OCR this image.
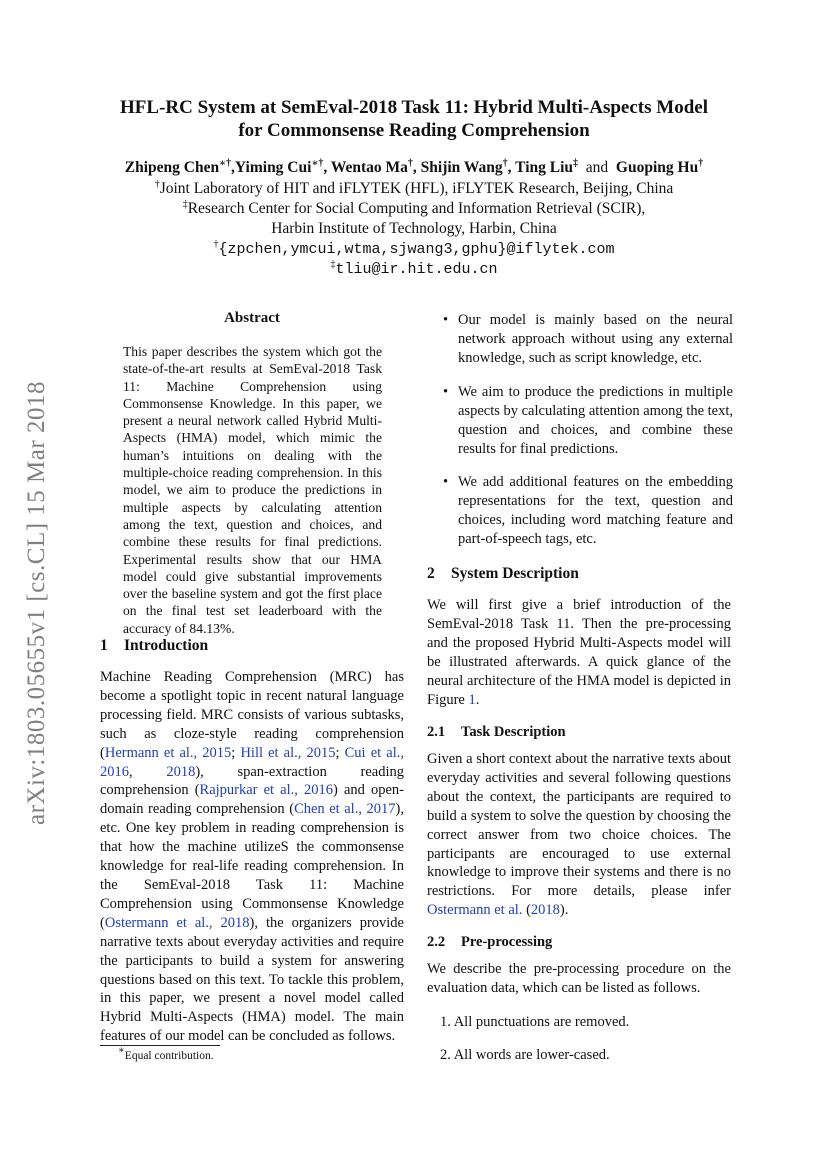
arXiv:1803.05655v1 [cs.CL] 15 Mar 2018
HFL-RC System at SemEval-2018 Task 11: Hybrid Multi-Aspects Model
for Commonsense Reading Comprehension
Zhipeng Chen∗†,Yiming Cui∗†, Wentao Ma†, Shijin Wang†, Ting Liu‡ and Guoping Hu†
†Joint Laboratory of HIT and iFLYTEK (HFL), iFLYTEK Research, Beijing, China
‡Research Center for Social Computing and Information Retrieval (SCIR),
Harbin Institute of Technology, Harbin, China
†{zpchen,ymcui,wtma,sjwang3,gphu}@iflytek.com
‡tliu@ir.hit.edu.cn
Abstract
This paper describes the system which got the state-of-the-art results at SemEval-2018 Task 11: Machine Comprehension using Commonsense Knowledge. In this paper, we present a neural network called Hybrid Multi-Aspects (HMA) model, which mimic the human’s intuitions on dealing with the multiple-choice reading comprehension. In this model, we aim to produce the predictions in multiple aspects by calculating attention among the text, question and choices, and combine these results for final predictions. Experimental results show that our HMA model could give substantial improvements over the baseline system and got the first place on the final test set leaderboard with the accuracy of 84.13%.
1 Introduction
Machine Reading Comprehension (MRC) has become a spotlight topic in recent natural language processing field. MRC consists of various subtasks, such as cloze-style reading comprehension (Hermann et al., 2015; Hill et al., 2015; Cui et al., 2016, 2018), span-extraction reading comprehension (Rajpurkar et al., 2016) and open-domain reading comprehension (Chen et al., 2017), etc. One key problem in reading comprehension is that how the machine utilizeS the commonsense knowledge for real-life reading comprehension. In the SemEval-2018 Task 11: Machine Comprehension using Commonsense Knowledge (Ostermann et al., 2018), the organizers provide narrative texts about everyday activities and require the participants to build a system for answering questions based on this text. To tackle this problem, in this paper, we present a novel model called Hybrid Multi-Aspects (HMA) model. The main features of our model can be concluded as follows.
∗Equal contribution.
• Our model is mainly based on the neural network approach without using any external knowledge, such as script knowledge, etc.
• We aim to produce the predictions in multiple aspects by calculating attention among the text, question and choices, and combine these results for final predictions.
• We add additional features on the embedding representations for the text, question and choices, including word matching feature and part-of-speech tags, etc.
2 System Description
We will first give a brief introduction of the SemEval-2018 Task 11. Then the pre-processing and the proposed Hybrid Multi-Aspects model will be illustrated afterwards. A quick glance of the neural architecture of the HMA model is depicted in Figure 1.
2.1 Task Description
Given a short context about the narrative texts about everyday activities and several following questions about the context, the participants are required to build a system to solve the question by choosing the correct answer from two choice choices. The participants are encouraged to use external knowledge to improve their systems and there is no restrictions. For more details, please infer Ostermann et al. (2018).
2.2 Pre-processing
We describe the pre-processing procedure on the evaluation data, which can be listed as follows.
1. All punctuations are removed.
2. All words are lower-cased.
